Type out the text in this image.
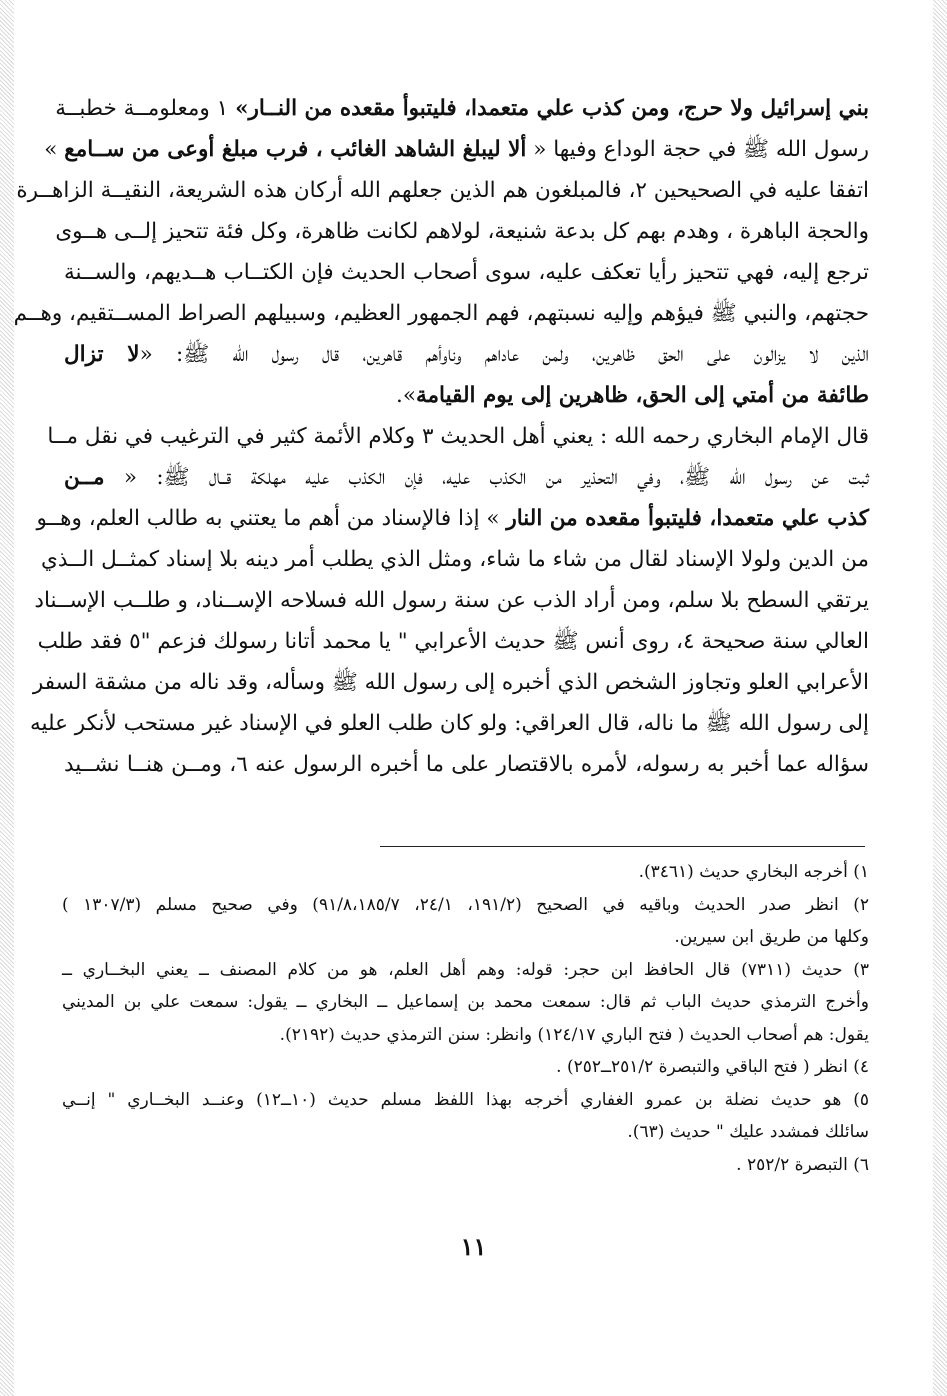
بني إسرائيل ولا حرج، ومن كذب علي متعمدا، فليتبوأ مقعده من النــار» ١ ومعلومــة خطبــة
رسول الله ﷺ في حجة الوداع وفيها « ألا ليبلغ الشاهد الغائب ، فرب مبلغ أوعى من ســامع »
اتفقا عليه في الصحيحين ٢، فالمبلغون هم الذين جعلهم الله أركان هذه الشريعة، النقيــة الزاهــرة
والحجة الباهرة ، وهدم بهم كل بدعة شنيعة، لولاهم لكانت ظاهرة، وكل فئة تتحيز إلــى هــوى
ترجع إليه، فهي تتحيز رأيا تعكف عليه، سوى أصحاب الحديث فإن الكتــاب هــديهم، والســنة
حجتهم، والنبي ﷺ فيؤهم وإليه نسبتهم، فهم الجمهور العظيم، وسبيلهم الصراط المســتقيم، وهــم
الذين لا يزالون على الحق ظاهرين، ولمن عاداهم وناوأهم قاهرين، قال رسول الله ﷺ: «لا تزال
طائفة من أمتي إلى الحق، ظاهرين إلى يوم القيامة».
قال الإمام البخاري رحمه الله : يعني أهل الحديث ٣ وكلام الأئمة كثير في الترغيب في نقل مــا
ثبت عن رسول الله ﷺ، وفي التحذير من الكذب عليه، فإن الكذب عليه مهلكة قــال ﷺ: « مــن
كذب علي متعمدا، فليتبوأ مقعده من النار » إذا فالإسناد من أهم ما يعتني به طالب العلم، وهــو
من الدين ولولا الإسناد لقال من شاء ما شاء، ومثل الذي يطلب أمر دينه بلا إسناد كمثــل الــذي
يرتقي السطح بلا سلم، ومن أراد الذب عن سنة رسول الله فسلاحه الإســناد، و طلــب الإســناد
العالي سنة صحيحة ٤، روى أنس ﷺ حديث الأعرابي " يا محمد أتانا رسولك فزعم "٥ فقد طلب
الأعرابي العلو وتجاوز الشخص الذي أخبره إلى رسول الله ﷺ وسأله، وقد ناله من مشقة السفر
إلى رسول الله ﷺ ما ناله، قال العراقي: ولو كان طلب العلو في الإسناد غير مستحب لأنكر عليه
سؤاله عما أخبر به رسوله، لأمره بالاقتصار على ما أخبره الرسول عنه ٦، ومــن هنــا نشــيد
١) أخرجه البخاري حديث (٣٤٦١).
٢) انظر صدر الحديث وباقيه في الصحيح (١٩١/٢، ٢٤/١، ٩١/٨،١٨٥/٧) وفي صحيح مسلم (١٣٠٧/٣ )
وكلها من طريق ابن سيرين.
٣) حديث (٧٣١١) قال الحافظ ابن حجر: قوله: وهم أهل العلم، هو من كلام المصنف ــ يعني البخــاري ــ
وأخرج الترمذي حديث الباب ثم قال: سمعت محمد بن إسماعيل ــ البخاري ــ يقول: سمعت علي بن المديني
يقول: هم أصحاب الحديث ( فتح الباري ١٢٤/١٧) وانظر: سنن الترمذي حديث (٢١٩٢).
٤) انظر ( فتح الباقي والتبصرة ٢٥١/٢ــ٢٥٢) .
٥) هو حديث نضلة بن عمرو الغفاري أخرجه بهذا اللفظ مسلم حديث (١٠ــ١٢) وعنــد البخــاري " إنــي
سائلك فمشدد عليك " حديث (٦٣).
٦) التبصرة ٢٥٢/٢ .
١١
